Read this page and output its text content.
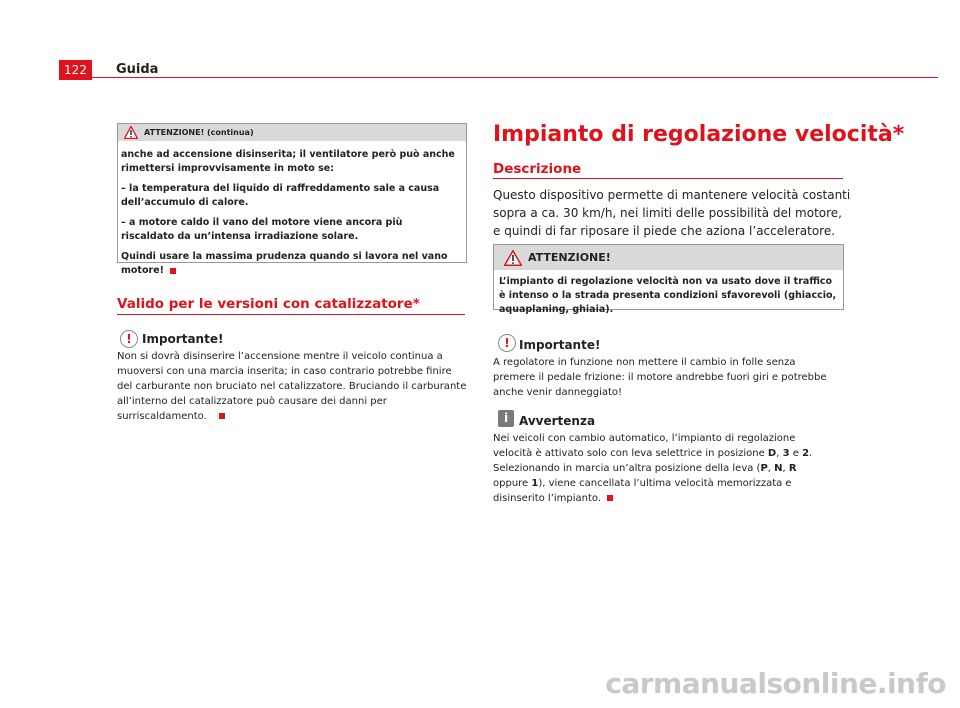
122	Guida
ATTENZIONE! (continua)

anche ad accensione disinserita; il ventilatore però può anche rimettersi improvvisamente in moto se:

– la temperatura del liquido di raffreddamento sale a causa dell’accumulo di calore.

– a motore caldo il vano del motore viene ancora più riscaldato da un’intensa irradiazione solare.

Quindi usare la massima prudenza quando si lavora nel vano motore!

Valido per le versioni con catalizzatore*
! Importante!
Non si dovrà disinserire l’accensione mentre il veicolo continua a muoversi con una marcia inserita; in caso contrario potrebbe finire del carburante non bruciato nel catalizzatore. Bruciando il carburante all’interno del catalizzatore può causare dei danni per surriscaldamento.
Impianto di regolazione velocità*
Descrizione
Questo dispositivo permette di mantenere velocità costanti sopra a ca. 30 km/h, nei limiti delle possibilità del motore, e quindi di far riposare il piede che aziona l’acceleratore.
ATTENZIONE!
L’impianto di regolazione velocità non va usato dove il traffico è intenso o la strada presenta condizioni sfavorevoli (ghiaccio, aquaplaning, ghiaia).
! Importante!
A regolatore in funzione non mettere il cambio in folle senza premere il pedale frizione: il motore andrebbe fuori giri e potrebbe anche venir danneggiato!
i Avvertenza
Nei veicoli con cambio automatico, l’impianto di regolazione velocità è attivato solo con leva selettrice in posizione D, 3 e 2. Selezionando in marcia un’altra posizione della leva (P, N, R oppure 1), viene cancellata l’ultima velocità memorizzata e disinserito l’impianto.
carmanualsonline.info
